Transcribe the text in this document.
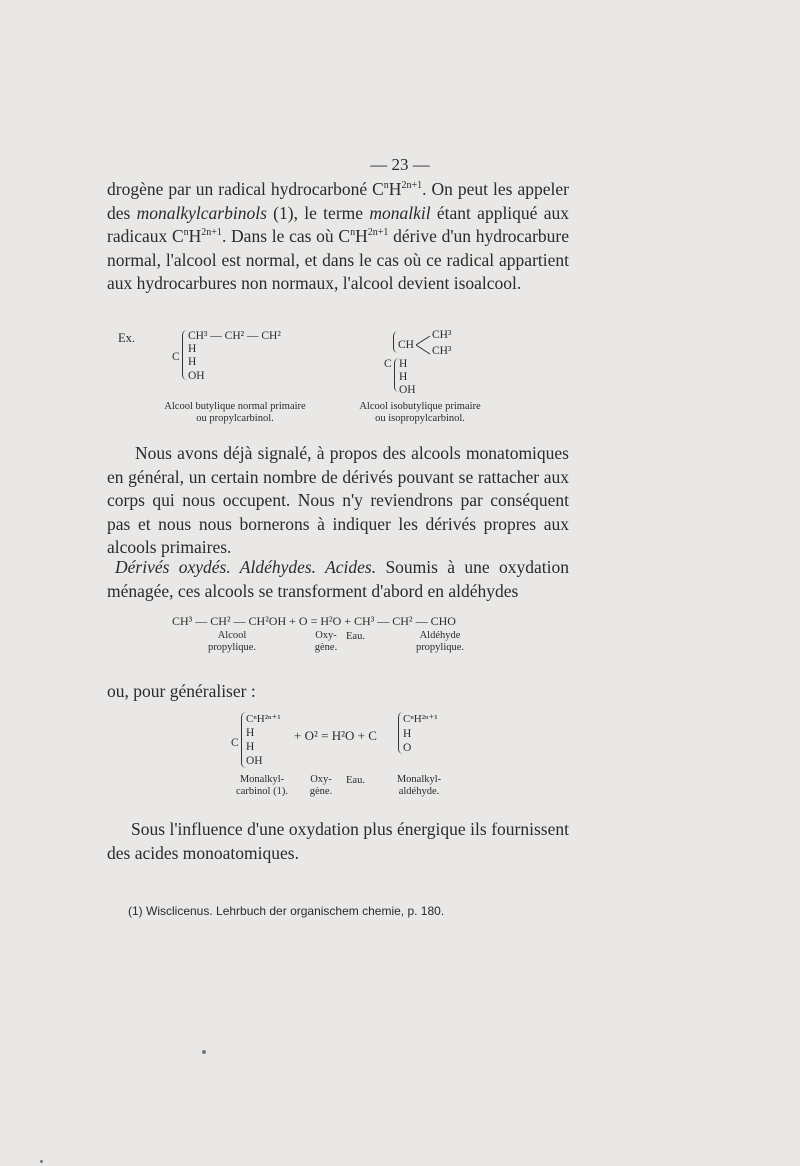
— 23 —
drogène par un radical hydrocarboné $C^nH^{2n+1}$. On peut les appeler des monalkylcarbinols (1), le terme monalkil étant appliqué aux radicaux $C^nH^{2n+1}$. Dans le cas où $C^nH^{2n+1}$ dérive d'un hydrocarbure normal, l'alcool est normal, et dans le cas où ce radical appartient aux hydrocarbures non normaux, l'alcool devient isoalcool.
Ex.
C
CH³ — CH² — CH²
H
H
OH
CH
CH³
CH³
C H
H
OH
Alcool butylique normal primaire
ou propylcarbinol.
Alcool isobutylique primaire
ou isopropylcarbinol.
Nous avons déjà signalé, à propos des alcools monatomiques en général, un certain nombre de dérivés pouvant se rattacher aux corps qui nous occupent. Nous n'y reviendrons par conséquent pas et nous nous bornerons à indiquer les dérivés propres aux alcools primaires.
Dérivés oxydés. Aldéhydes. Acides. Soumis à une oxydation ménagée, ces alcools se transforment d'abord en aldéhydes
CH³ — CH² — CH²OH + O = H²O + CH³ — CH² — CHO
Alcool
propylique.
Oxy-
gène.
Eau.	Aldéhyde
propylique.
ou, pour généraliser :
C
CⁿH²ⁿ⁺¹
H
H
OH
+ O² = H²O + C
CⁿH²ⁿ⁺¹
H
O
Monalkyl-
carbinol (1).
Oxy-
gène.
Eau.	Monalkyl-
aldéhyde.
Sous l'influence d'une oxydation plus énergique ils fournissent des acides monoatomiques.
(1) Wisclicenus. Lehrbuch der organischem chemie, p. 180.
